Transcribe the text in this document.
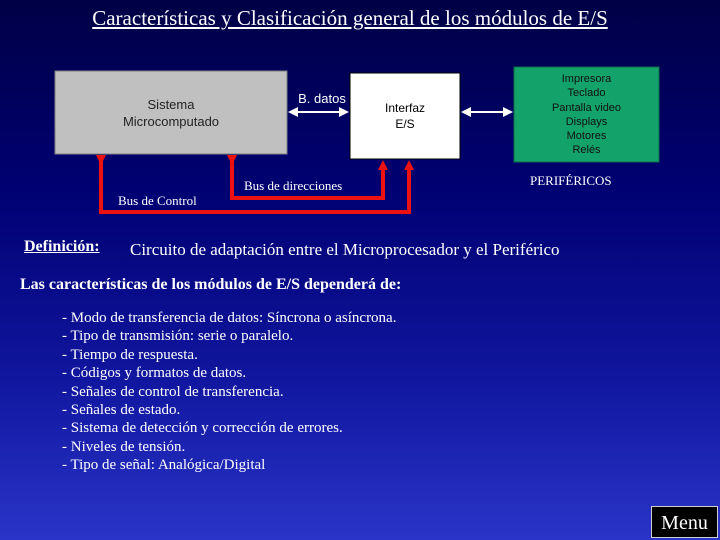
Características y Clasificación general de los módulos de E/S
Sistema
Microcomputado
Interfaz
E/S
Impresora
Teclado
Pantalla video
Displays
Motores
Relés
B. datos
Bus de direcciones
Bus de Control
PERIFÉRICOS
Definición: Circuito de adaptación entre el Microprocesador y el Periférico
Las características de los módulos de E/S dependerá de:
- Modo de transferencia de datos: Síncrona o asíncrona.
- Tipo de transmisión: serie o paralelo.
- Tiempo de respuesta.
- Códigos y formatos de datos.
- Señales de control de transferencia.
- Señales de estado.
- Sistema de detección y corrección de errores.
- Niveles de tensión.
- Tipo de señal: Analógica/Digital
Menu
